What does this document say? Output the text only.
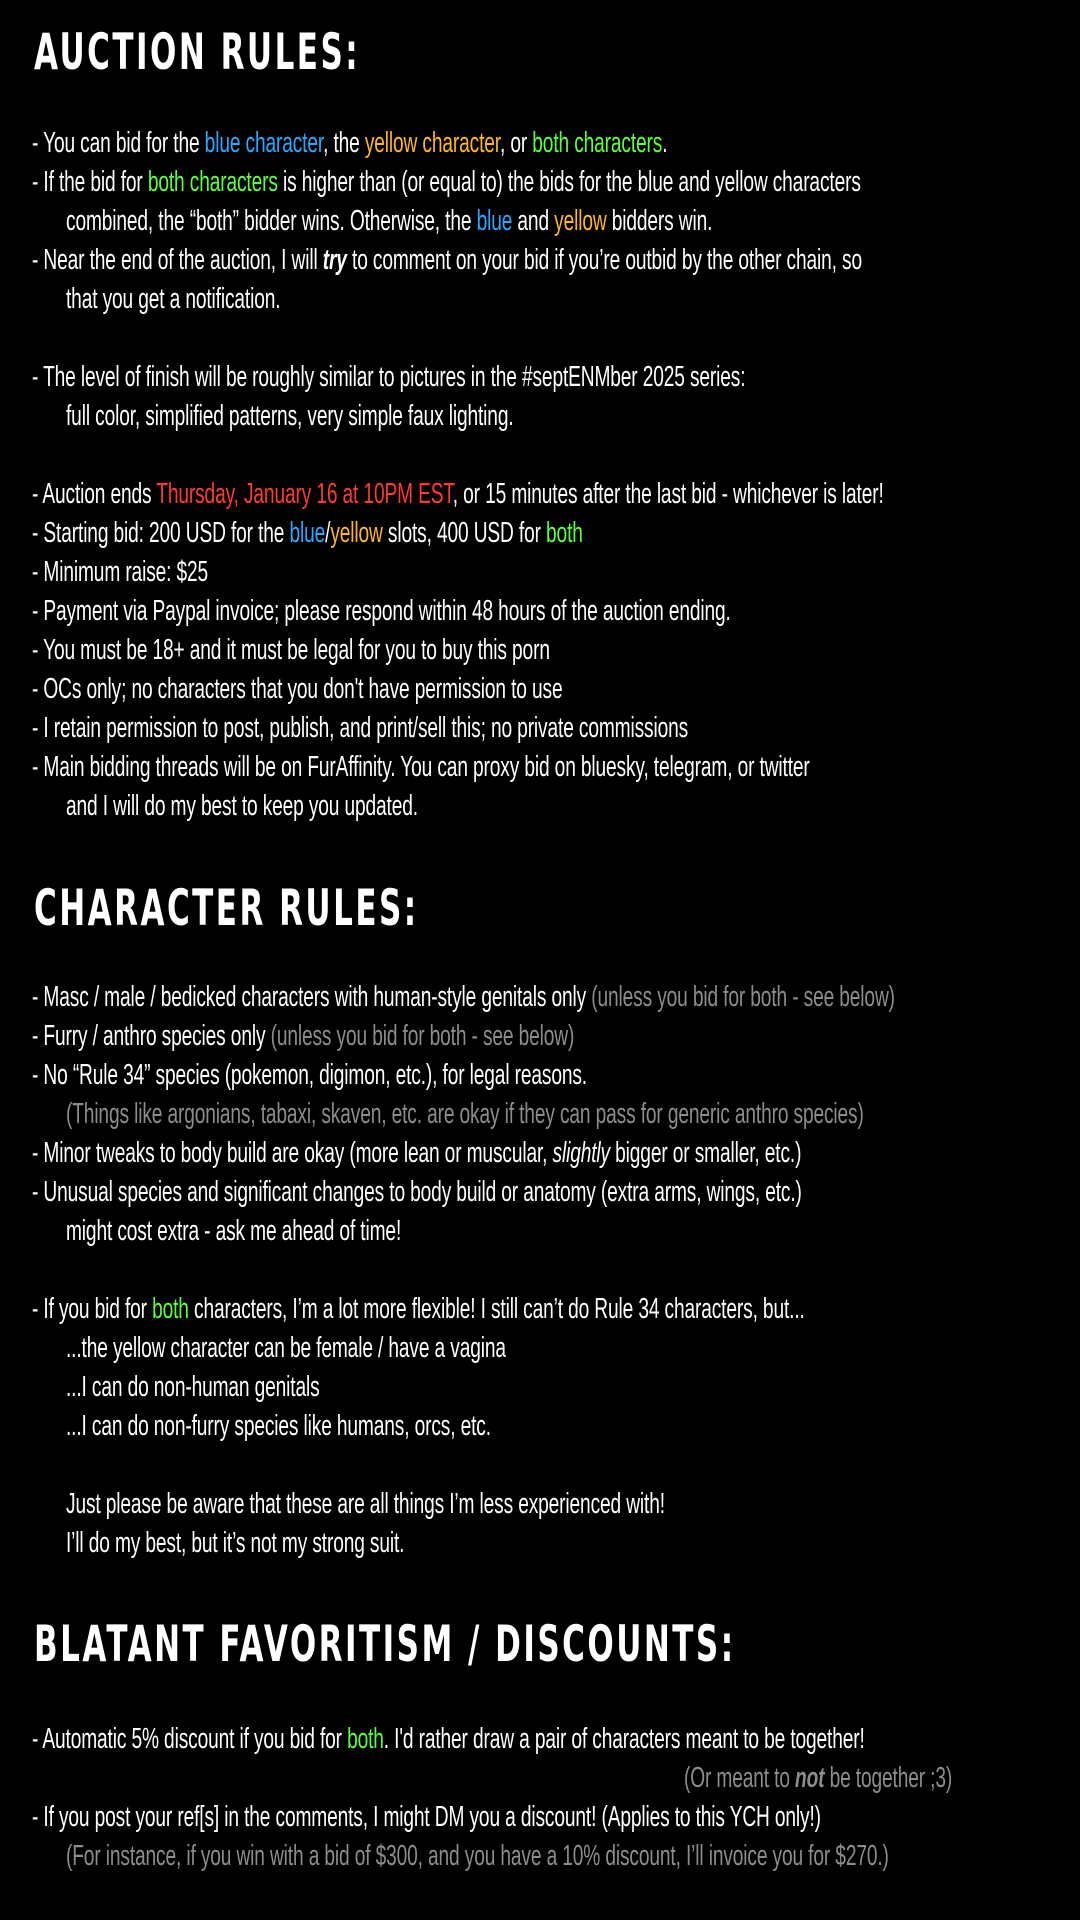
AUCTION RULES:
- You can bid for the blue character, the yellow character, or both characters.
- If the bid for both characters is higher than (or equal to) the bids for the blue and yellow characters
combined, the “both” bidder wins. Otherwise, the blue and yellow bidders win.
- Near the end of the auction, I will try to comment on your bid if you’re outbid by the other chain, so
that you get a notification.
- The level of finish will be roughly similar to pictures in the #septENMber 2025 series:
full color, simplified patterns, very simple faux lighting.
- Auction ends Thursday, January 16 at 10PM EST, or 15 minutes after the last bid - whichever is later!
- Starting bid: 200 USD for the blue/yellow slots, 400 USD for both
- Minimum raise: $25
- Payment via Paypal invoice; please respond within 48 hours of the auction ending.
- You must be 18+ and it must be legal for you to buy this porn
- OCs only; no characters that you don't have permission to use
- I retain permission to post, publish, and print/sell this; no private commissions
- Main bidding threads will be on FurAffinity. You can proxy bid on bluesky, telegram, or twitter
and I will do my best to keep you updated.
CHARACTER RULES:
- Masc / male / bedicked characters with human-style genitals only (unless you bid for both - see below)
- Furry / anthro species only (unless you bid for both - see below)
- No “Rule 34” species (pokemon, digimon, etc.), for legal reasons.
(Things like argonians, tabaxi, skaven, etc. are okay if they can pass for generic anthro species)
- Minor tweaks to body build are okay (more lean or muscular, slightly bigger or smaller, etc.)
- Unusual species and significant changes to body build or anatomy (extra arms, wings, etc.)
might cost extra - ask me ahead of time!
- If you bid for both characters, I’m a lot more flexible! I still can’t do Rule 34 characters, but...
...the yellow character can be female / have a vagina
...I can do non-human genitals
...I can do non-furry species like humans, orcs, etc.
Just please be aware that these are all things I’m less experienced with!
I’ll do my best, but it’s not my strong suit.
BLATANT FAVORITISM / DISCOUNTS:
- Automatic 5% discount if you bid for both. I'd rather draw a pair of characters meant to be together!
(Or meant to not be together ;3)
- If you post your ref[s] in the comments, I might DM you a discount! (Applies to this YCH only!)
(For instance, if you win with a bid of $300, and you have a 10% discount, I’ll invoice you for $270.)
